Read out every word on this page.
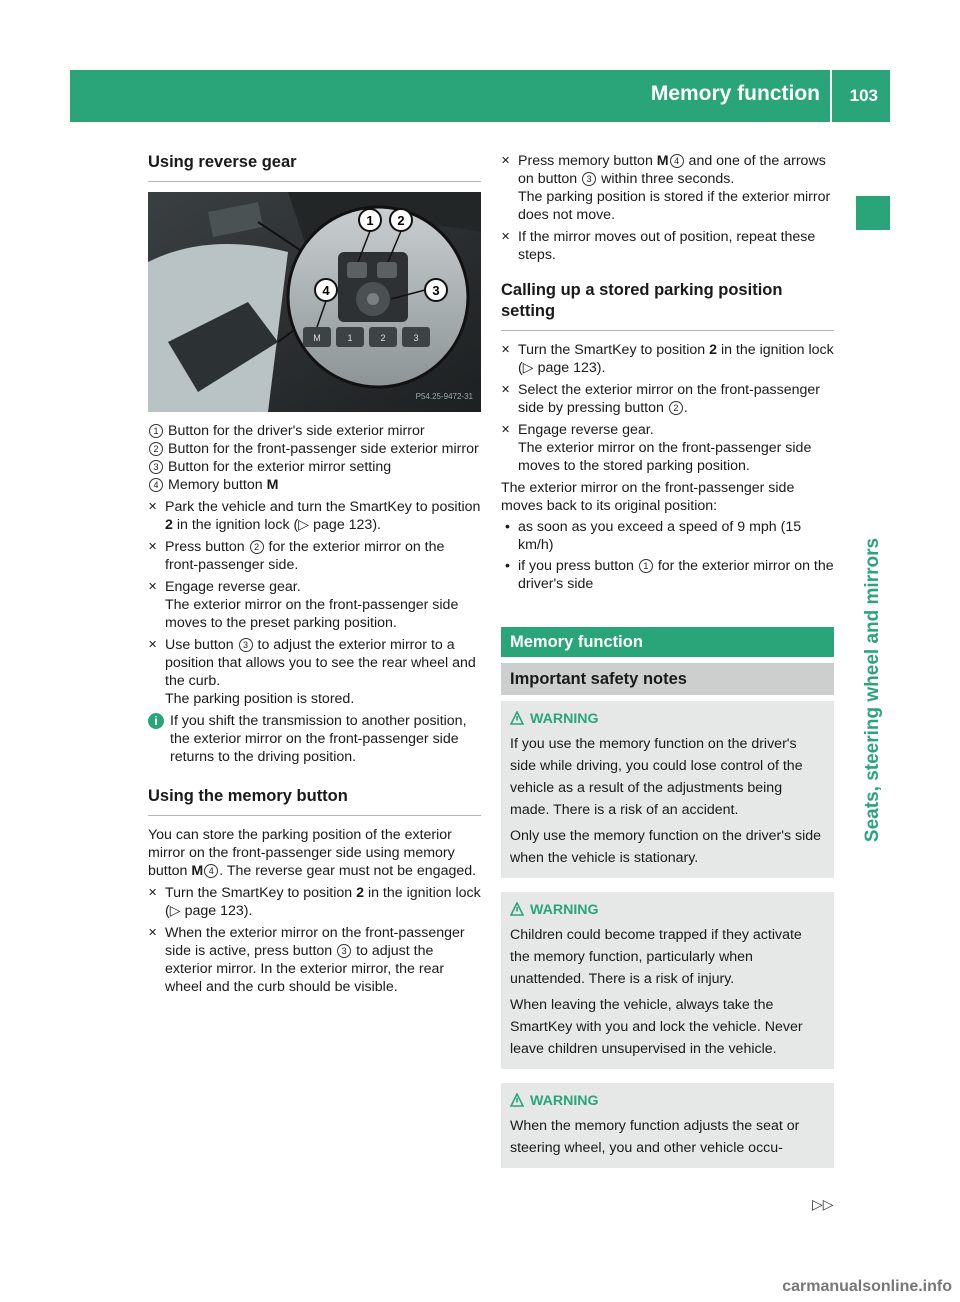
Memory function 103
Seats, steering wheel and mirrors
Using reverse gear
M	1	2	3
1 2
3
4
P54.25-9472-31
1 Button for the driver's side exterior mirror
2 Button for the front-passenger side exterior mirror
3 Button for the exterior mirror setting
4 Memory button M
✕ Park the vehicle and turn the SmartKey to position 2 in the ignition lock (▷ page 123).
✕ Press button 2 for the exterior mirror on the front-passenger side.
✕ Engage reverse gear.
The exterior mirror on the front-passenger side moves to the preset parking position.
✕ Use button 3 to adjust the exterior mirror to a position that allows you to see the rear wheel and the curb.
The parking position is stored.
i If you shift the transmission to another position, the exterior mirror on the front-passenger side returns to the driving position.
Using the memory button

You can store the parking position of the exterior mirror on the front-passenger side using memory button M 4 . The reverse gear must not be engaged.

✕ Turn the SmartKey to position 2 in the ignition lock (▷ page 123).
✕ When the exterior mirror on the front-passenger side is active, press button 3 to adjust the exterior mirror. In the exterior mirror, the rear wheel and the curb should be visible.
✕ Press memory button M 4 and one of the arrows on button 3 within three seconds.
The parking position is stored if the exterior mirror does not move.
✕ If the mirror moves out of position, repeat these steps.
Calling up a stored parking position setting
✕ Turn the SmartKey to position 2 in the ignition lock (▷ page 123).
✕ Select the exterior mirror on the front-passenger side by pressing button 2 .
✕ Engage reverse gear.
The exterior mirror on the front-passenger side moves to the stored parking position.

The exterior mirror on the front-passenger side moves back to its original position:

• as soon as you exceed a speed of 9 mph (15 km/h)
• if you press button 1 for the exterior mirror on the driver's side
Memory function
Important safety notes
WARNING

If you use the memory function on the driver's side while driving, you could lose control of the vehicle as a result of the adjustments being made. There is a risk of an accident.

Only use the memory function on the driver's side when the vehicle is stationary.

WARNING

Children could become trapped if they activate the memory function, particularly when unattended. There is a risk of injury.

When leaving the vehicle, always take the SmartKey with you and lock the vehicle. Never leave children unsupervised in the vehicle.

WARNING

When the memory function adjusts the seat or steering wheel, you and other vehicle occu-

▷▷
carmanualsonline.info
